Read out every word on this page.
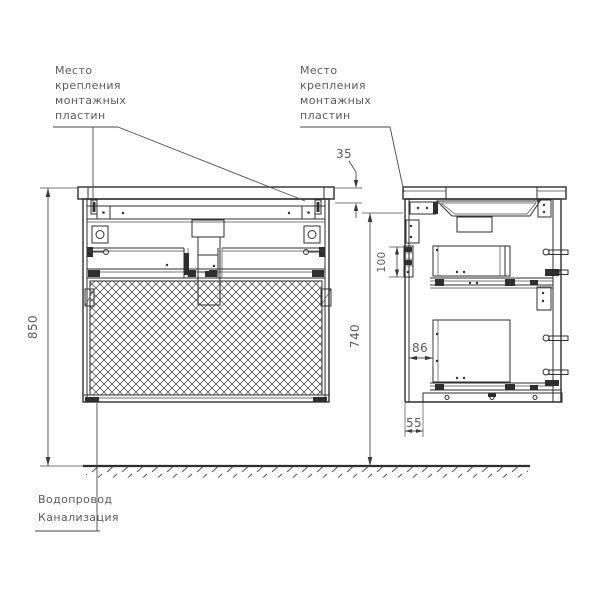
35
850	740
100
86
55
Место
крепления
монтажных
пластин
Место
крепления
монтажных
пластин
Водопровод
Канализация
